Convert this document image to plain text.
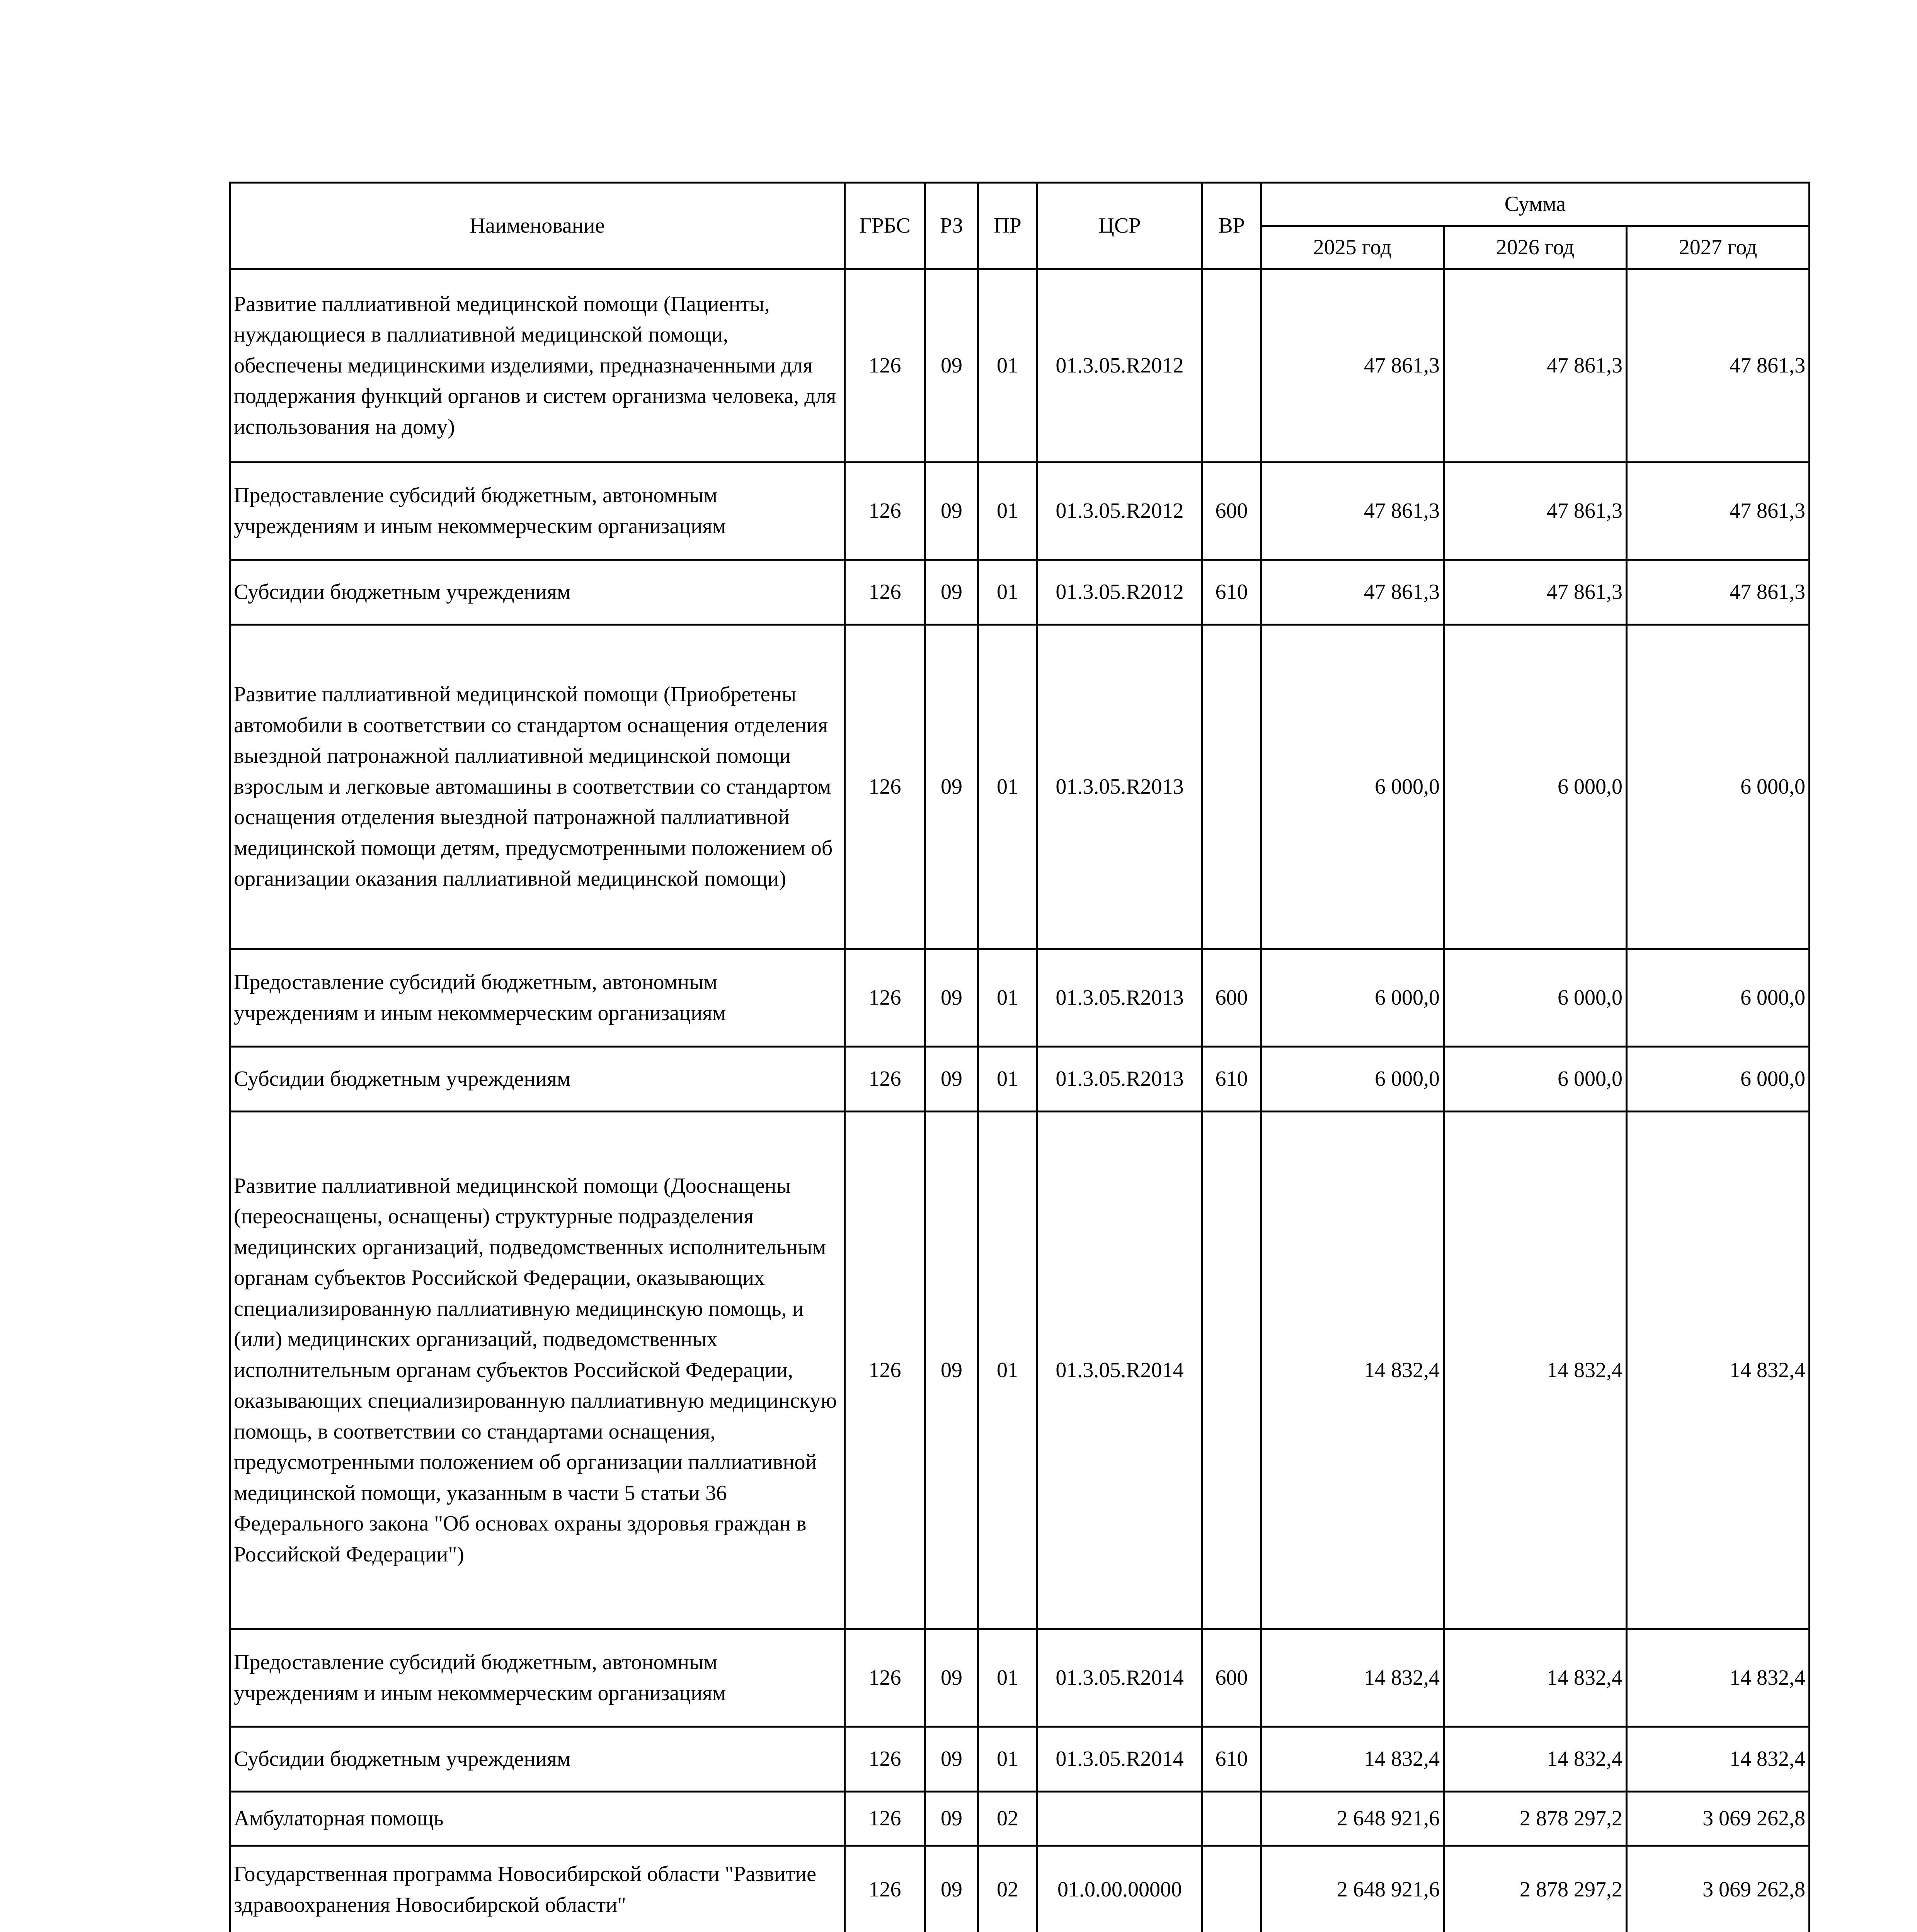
Наименование	ГРБС	РЗ	ПР	ЦСР	ВР	Сумма		
						2025 год	2026 год	2027 год
Развитие паллиативной медицинской помощи (Пациенты, нуждающиеся в паллиативной медицинской помощи, обеспечены медицинскими изделиями, предназначенными для поддержания функций органов и систем организма человека, для использования на дому)	126	09	01	01.3.05.R2012		47 861,3	47 861,3	47 861,3
Предоставление субсидий бюджетным, автономным учреждениям и иным некоммерческим организациям	126	09	01	01.3.05.R2012	600	47 861,3	47 861,3	47 861,3
Субсидии бюджетным учреждениям	126	09	01	01.3.05.R2012	610	47 861,3	47 861,3	47 861,3
Развитие паллиативной медицинской помощи (Приобретены автомобили в соответствии со стандартом оснащения отделения выездной патронажной паллиативной медицинской помощи взрослым и легковые автомашины в соответствии со стандартом оснащения отделения выездной патронажной паллиативной медицинской помощи детям, предусмотренными положением об организации оказания паллиативной медицинской помощи)	126	09	01	01.3.05.R2013		6 000,0	6 000,0	6 000,0
Предоставление субсидий бюджетным, автономным учреждениям и иным некоммерческим организациям	126	09	01	01.3.05.R2013	600	6 000,0	6 000,0	6 000,0
Субсидии бюджетным учреждениям	126	09	01	01.3.05.R2013	610	6 000,0	6 000,0	6 000,0
Развитие паллиативной медицинской помощи (Дооснащены (переоснащены, оснащены) структурные подразделения медицинских организаций, подведомственных исполнительным органам субъектов Российской Федерации, оказывающих специализированную паллиативную медицинскую помощь, и (или) медицинских организаций, подведомственных исполнительным органам субъектов Российской Федерации, оказывающих специализированную паллиативную медицинскую помощь, в соответствии со стандартами оснащения, предусмотренными положением об организации паллиативной медицинской помощи, указанным в части 5 статьи 36 Федерального закона "Об основах охраны здоровья граждан в Российской Федерации")	126	09	01	01.3.05.R2014		14 832,4	14 832,4	14 832,4
Предоставление субсидий бюджетным, автономным учреждениям и иным некоммерческим организациям	126	09	01	01.3.05.R2014	600	14 832,4	14 832,4	14 832,4
Субсидии бюджетным учреждениям	126	09	01	01.3.05.R2014	610	14 832,4	14 832,4	14 832,4
Амбулаторная помощь	126	09	02			2 648 921,6	2 878 297,2	3 069 262,8
Государственная программа Новосибирской области "Развитие здравоохранения Новосибирской области"	126	09	02	01.0.00.00000		2 648 921,6	2 878 297,2	3 069 262,8
